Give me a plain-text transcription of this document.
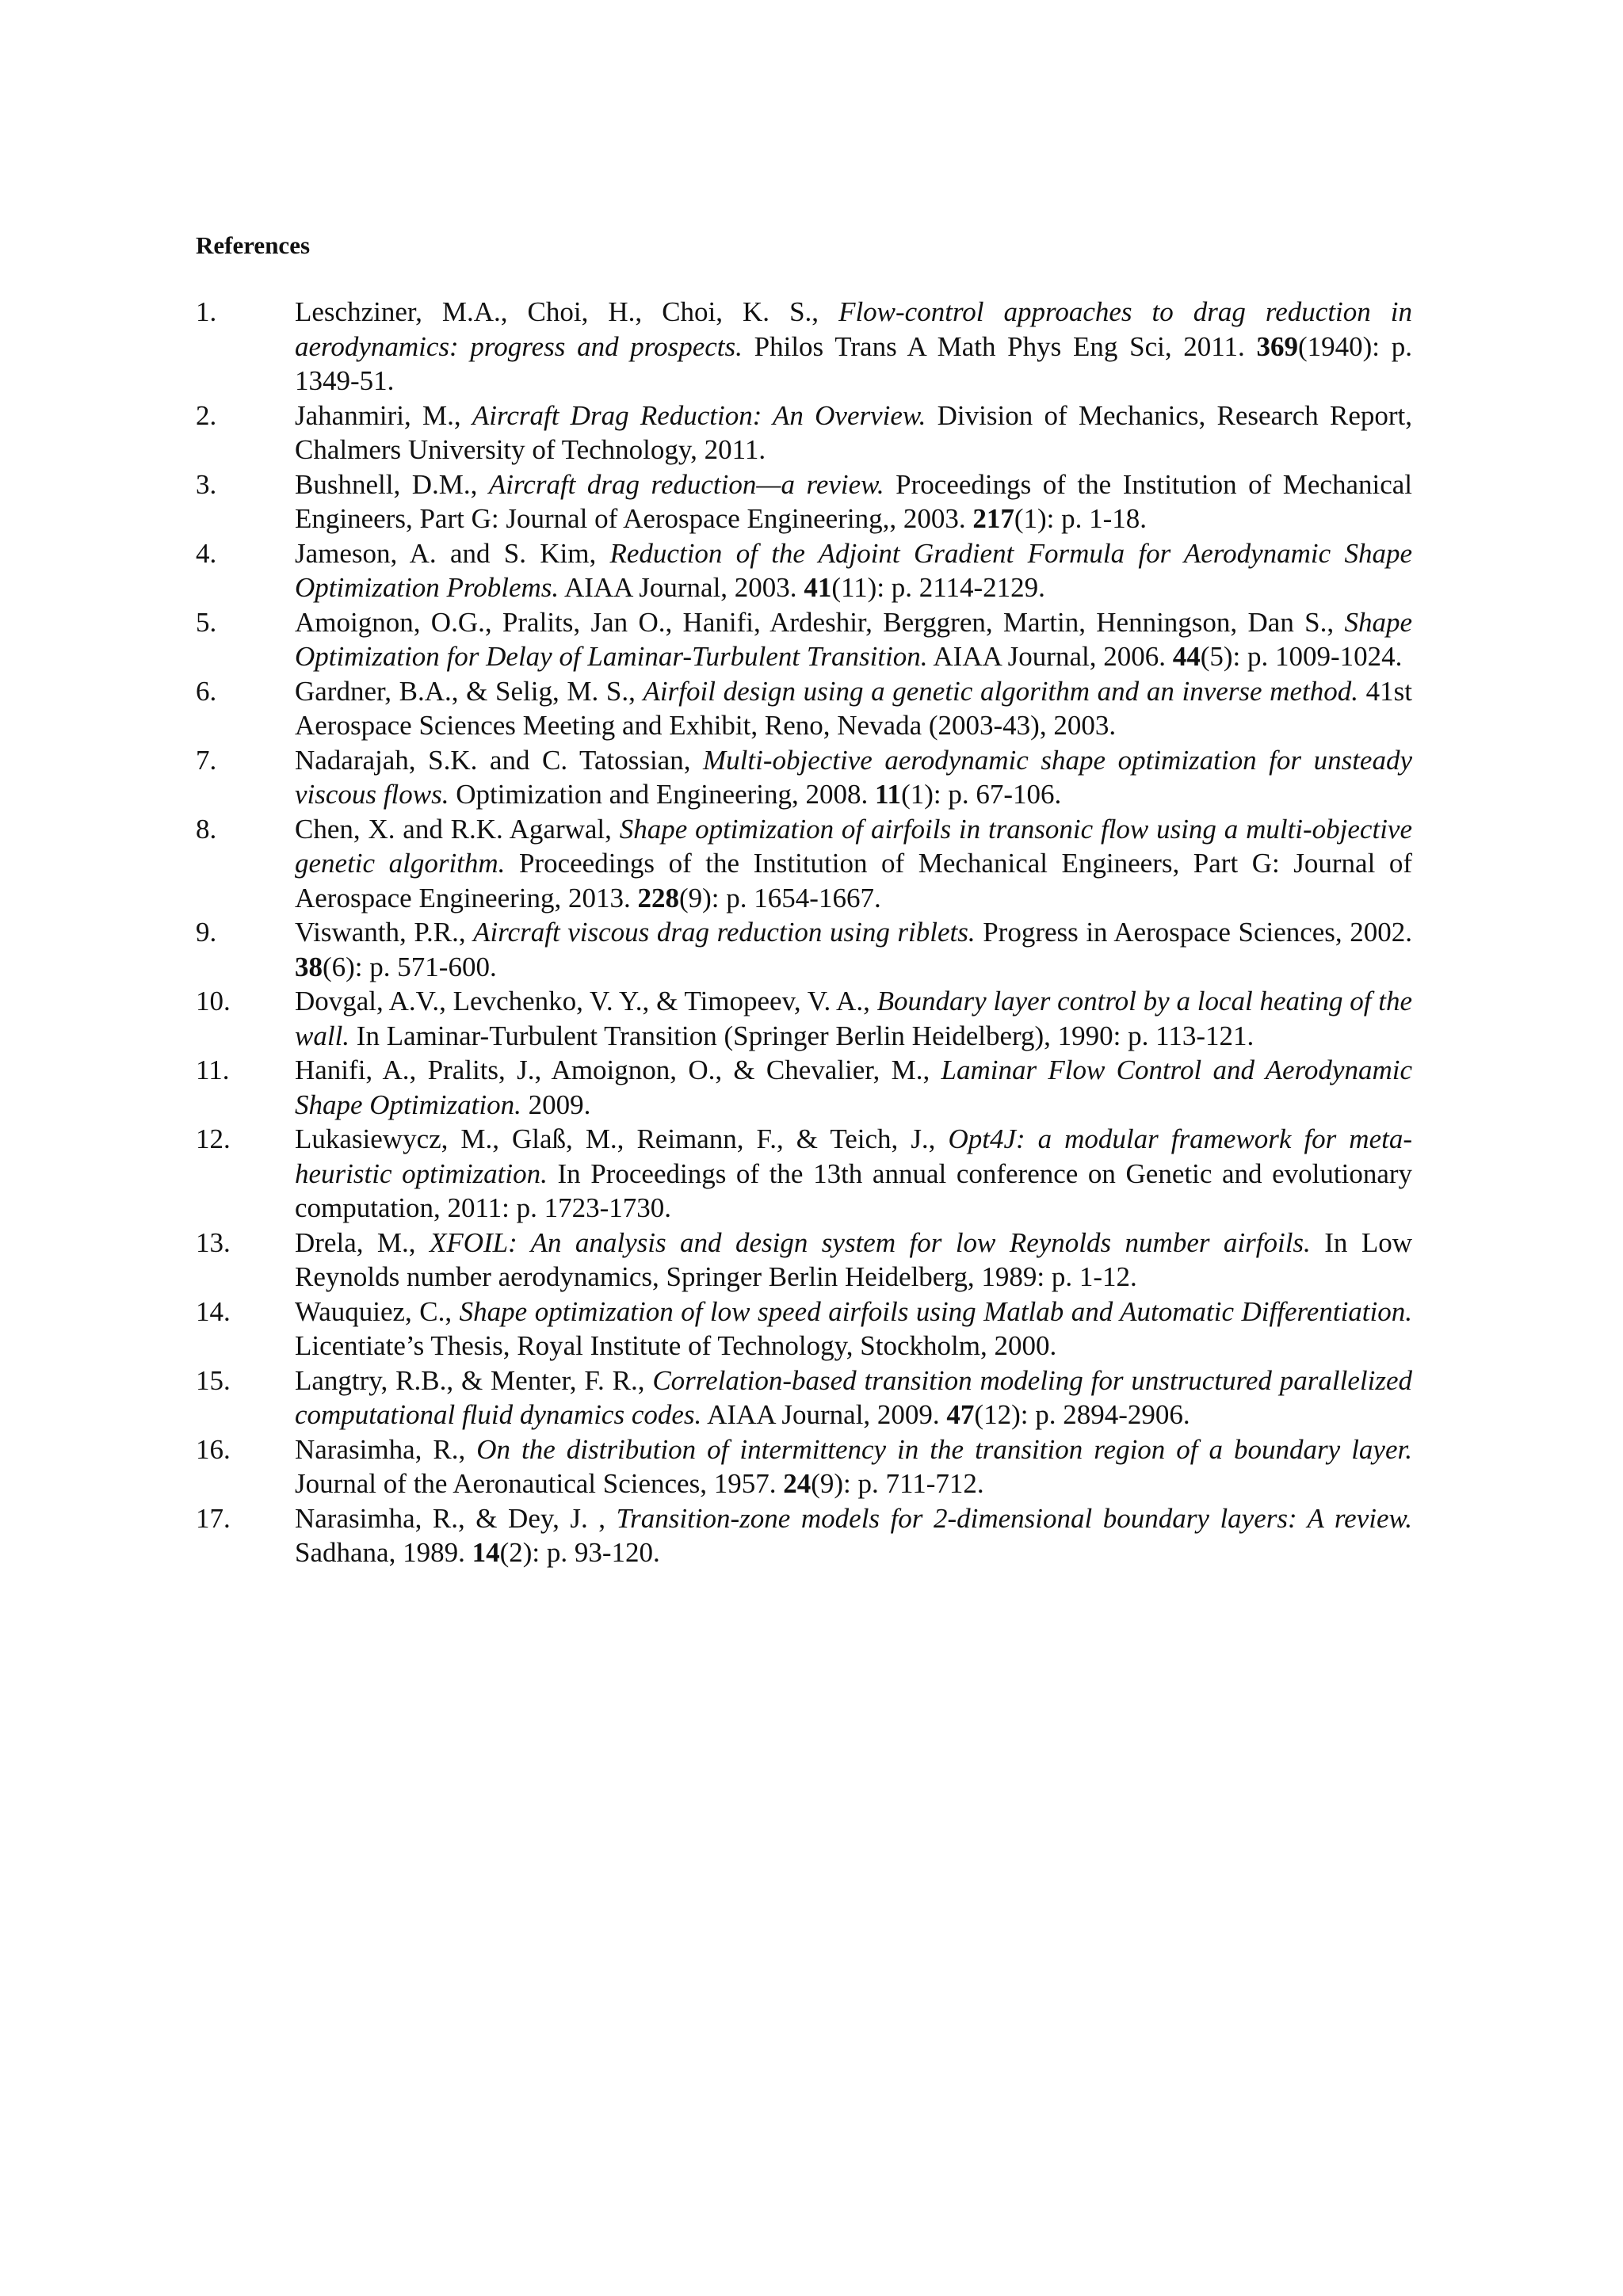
References
1.	Leschziner, M.A., Choi, H., Choi, K. S., Flow-control approaches to drag reduction in aerodynamics: progress and prospects. Philos Trans A Math Phys Eng Sci, 2011. 369(1940): p. 1349-51.
2.	Jahanmiri, M., Aircraft Drag Reduction: An Overview. Division of Mechanics, Research Report, Chalmers University of Technology, 2011.
3.	Bushnell, D.M., Aircraft drag reduction—a review. Proceedings of the Institution of Mechanical Engineers, Part G: Journal of Aerospace Engineering,, 2003. 217(1): p. 1-18.
4.	Jameson, A. and S. Kim, Reduction of the Adjoint Gradient Formula for Aerodynamic Shape Optimization Problems. AIAA Journal, 2003. 41(11): p. 2114-2129.
5.	Amoignon, O.G., Pralits, Jan O., Hanifi, Ardeshir, Berggren, Martin, Henningson, Dan S., Shape Optimization for Delay of Laminar-Turbulent Transition. AIAA Journal, 2006. 44(5): p. 1009-1024.
6.	Gardner, B.A., & Selig, M. S., Airfoil design using a genetic algorithm and an inverse method. 41st Aerospace Sciences Meeting and Exhibit, Reno, Nevada (2003-43), 2003.
7.	Nadarajah, S.K. and C. Tatossian, Multi-objective aerodynamic shape optimization for unsteady viscous flows. Optimization and Engineering, 2008. 11(1): p. 67-106.
8.	Chen, X. and R.K. Agarwal, Shape optimization of airfoils in transonic flow using a multi-objective genetic algorithm. Proceedings of the Institution of Mechanical Engineers, Part G: Journal of Aerospace Engineering, 2013. 228(9): p. 1654-1667.
9.	Viswanth, P.R., Aircraft viscous drag reduction using riblets. Progress in Aerospace Sciences, 2002. 38(6): p. 571-600.
10. Dovgal, A.V., Levchenko, V. Y., & Timopeev, V. A., Boundary layer control by a local heating of the wall. In Laminar-Turbulent Transition (Springer Berlin Heidelberg), 1990: p. 113-121.
11. Hanifi, A., Pralits, J., Amoignon, O., & Chevalier, M., Laminar Flow Control and Aerodynamic Shape Optimization. 2009.
12. Lukasiewycz, M., Glaß, M., Reimann, F., & Teich, J., Opt4J: a modular framework for meta-heuristic optimization. In Proceedings of the 13th annual conference on Genetic and evolutionary computation, 2011: p. 1723-1730.
13. Drela, M., XFOIL: An analysis and design system for low Reynolds number airfoils. In Low Reynolds number aerodynamics, Springer Berlin Heidelberg, 1989: p. 1-12.
14. Wauquiez, C., Shape optimization of low speed airfoils using Matlab and Automatic Differentiation. Licentiate’s Thesis, Royal Institute of Technology, Stockholm, 2000.
15. Langtry, R.B., & Menter, F. R., Correlation-based transition modeling for unstructured parallelized computational fluid dynamics codes. AIAA Journal, 2009. 47(12): p. 2894-2906.
16. Narasimha, R., On the distribution of intermittency in the transition region of a boundary layer. Journal of the Aeronautical Sciences, 1957. 24(9): p. 711-712.
17. Narasimha, R., & Dey, J. , Transition-zone models for 2-dimensional boundary layers: A review. Sadhana, 1989. 14(2): p. 93-120.
